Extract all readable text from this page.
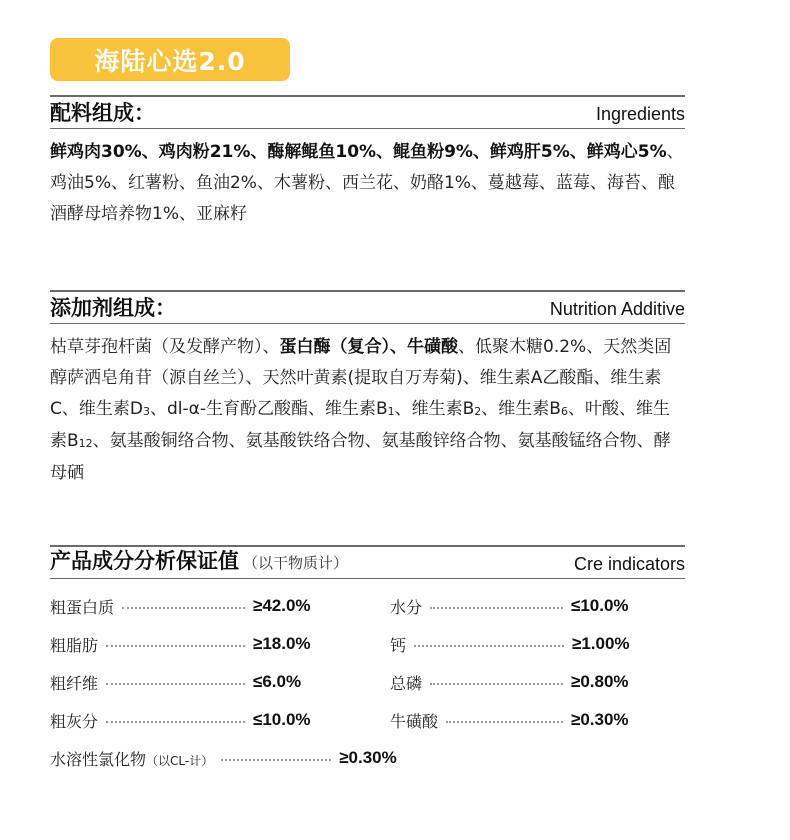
海陆心选2.0
配料组成：	Ingredients
鲜鸡肉30%、鸡肉粉21%、酶解鲲鱼10%、鲲鱼粉9%、鲜鸡肝5%、鲜鸡心5%、鸡油5%、红薯粉、鱼油2%、木薯粉、西兰花、奶酪1%、蔓越莓、蓝莓、海苔、酿酒酵母培养物1%、亚麻籽
添加剂组成：	Nutrition Additive
枯草芽孢杆菌（及发酵产物）、蛋白酶（复合）、牛磺酸、低聚木糖0.2%、天然类固醇萨洒皂角苷（源自丝兰）、天然叶黄素(提取自万寿菊)、维生素A乙酸酯、维生素C、维生素$D_3$、dl-α-生育酚乙酸酯、维生素$B_1$、维生素$B_2$、维生素$B_6$、叶酸、维生素$B_{12}$、氨基酸铜络合物、氨基酸铁络合物、氨基酸锌络合物、氨基酸锰络合物、酵母硒
产品成分分析保证值 （以干物质计）	Cre indicators
粗蛋白质	≥42.0%	水分	≤10.0%
粗脂肪	≥18.0%	钙	≥1.00%
粗纤维	≤6.0%	总磷	≥0.80%
粗灰分	≤10.0%	牛磺酸	≥0.30%
水溶性氯化物（以CL-计）	≥0.30%
